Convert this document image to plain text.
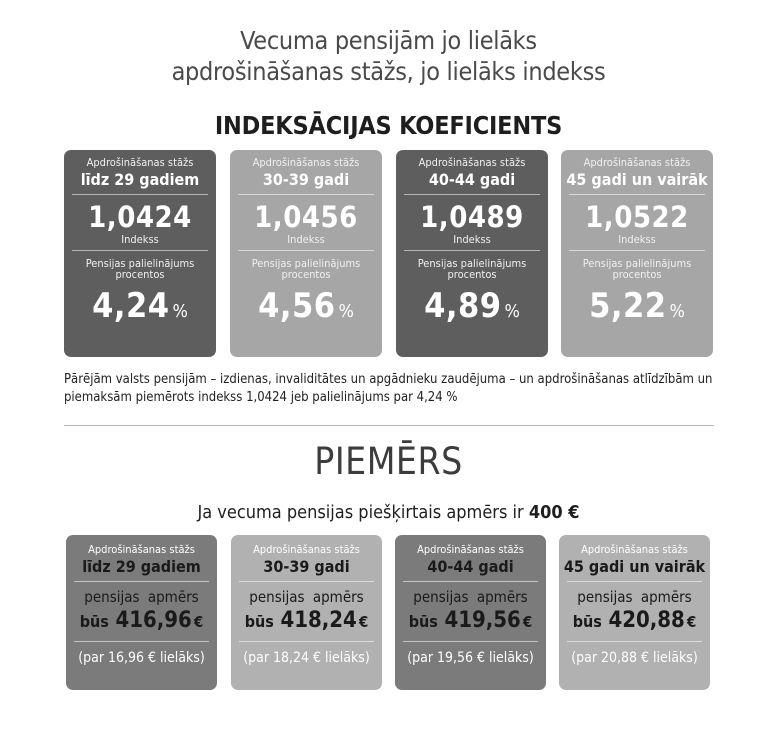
Vecuma pensijām jo lielāks
apdrošināšanas stāžs, jo lielāks indekss
INDEKSĀCIJAS KOEFICIENTS
Apdrošināšanas stāžs
līdz 29 gadiem
1,0424
Indekss
Pensijas palielinājums procentos
4,24 %
Apdrošināšanas stāžs
30-39 gadi
1,0456
Indekss
Pensijas palielinājums procentos
4,56 %
Apdrošināšanas stāžs
40-44 gadi
1,0489
Indekss
Pensijas palielinājums procentos
4,89 %
Apdrošināšanas stāžs
45 gadi un vairāk
1,0522
Indekss
Pensijas palielinājums procentos
5,22 %
Pārējām valsts pensijām – izdienas, invaliditātes un apgādnieku zaudējuma – un apdrošināšanas atlīdzībām un
piemaksām piemērots indekss 1,0424 jeb palielinājums par 4,24 %
PIEMĒRS
Ja vecuma pensijas piešķirtais apmērs ir 400 €
Apdrošināšanas stāžs
līdz 29 gadiem
pensijas apmērs
būs 416,96 €
(par 16,96 € lielāks)
Apdrošināšanas stāžs
30-39 gadi
pensijas apmērs
būs 418,24 €
(par 18,24 € lielāks)
Apdrošināšanas stāžs
40-44 gadi
pensijas apmērs
būs 419,56 €
(par 19,56 € lielāks)
Apdrošināšanas stāžs
45 gadi un vairāk
pensijas apmērs
būs 420,88 €
(par 20,88 € lielāks)
